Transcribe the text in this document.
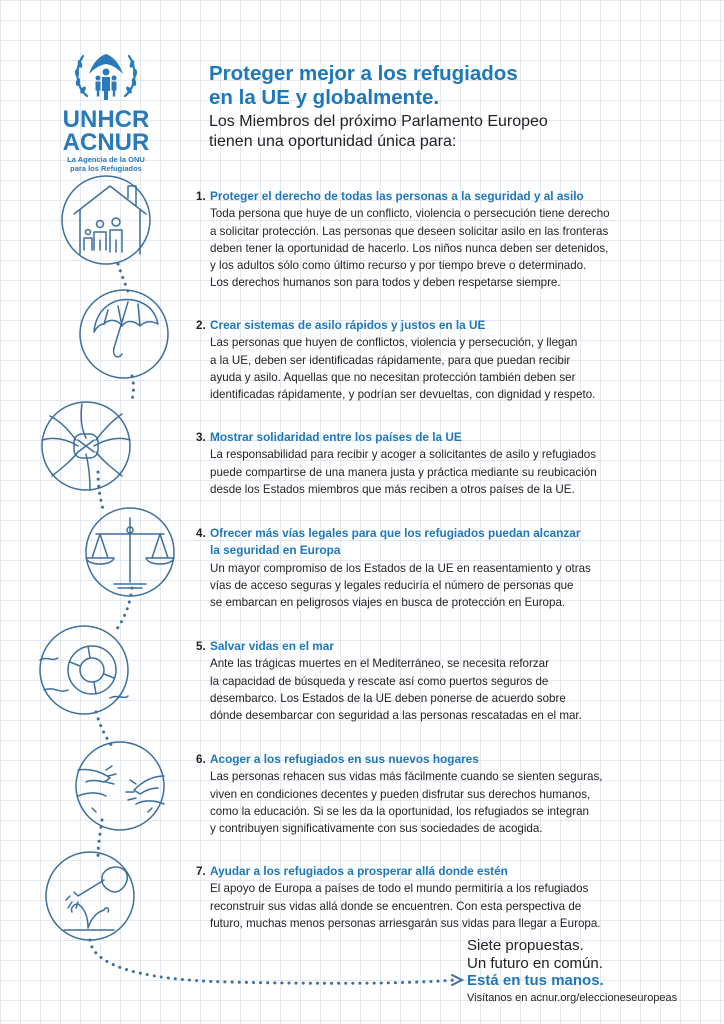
UNHCR
ACNUR
La Agencia de la ONU
para los Refugiados
Proteger mejor a los refugiados
en la UE y globalmente.

Los Miembros del próximo Parlamento Europeo
tienen una oportunidad única para:

1. Proteger el derecho de todas las personas a la seguridad y al asilo
Toda persona que huye de un conflicto, violencia o persecución tiene derecho
a solicitar protección. Las personas que deseen solicitar asilo en las fronteras
deben tener la oportunidad de hacerlo. Los niños nunca deben ser detenidos,
y los adultos sólo como último recurso y por tiempo breve o determinado.
Los derechos humanos son para todos y deben respetarse siempre.
2. Crear sistemas de asilo rápidos y justos en la UE
Las personas que huyen de conflictos, violencia y persecución, y llegan
a la UE, deben ser identificadas rápidamente, para que puedan recibir
ayuda y asilo. Aquellas que no necesitan protección también deben ser
identificadas rápidamente, y podrían ser devueltas, con dignidad y respeto.
3. Mostrar solidaridad entre los países de la UE
La responsabilidad para recibir y acoger a solicitantes de asilo y refugiados
puede compartirse de una manera justa y práctica mediante su reubicación
desde los Estados miembros que más reciben a otros países de la UE.
4. Ofrecer más vías legales para que los refugiados puedan alcanzar
la seguridad en Europa
Un mayor compromiso de los Estados de la UE en reasentamiento y otras
vías de acceso seguras y legales reduciría el número de personas que
se embarcan en peligrosos viajes en busca de protección en Europa.
5. Salvar vidas en el mar
Ante las trágicas muertes en el Mediterráneo, se necesita reforzar
la capacidad de búsqueda y rescate así como puertos seguros de
desembarco. Los Estados de la UE deben ponerse de acuerdo sobre
dónde desembarcar con seguridad a las personas rescatadas en el mar.
6. Acoger a los refugiados en sus nuevos hogares
Las personas rehacen sus vidas más fácilmente cuando se sienten seguras,
viven en condiciones decentes y pueden disfrutar sus derechos humanos,
como la educación. Si se les da la oportunidad, los refugiados se integran
y contribuyen significativamente con sus sociedades de acogida.
7. Ayudar a los refugiados a prosperar allá donde estén
El apoyo de Europa a países de todo el mundo permitiría a los refugiados
reconstruir sus vidas allá donde se encuentren. Con esta perspectiva de
futuro, muchas menos personas arriesgarán sus vidas para llegar a Europa.
Siete propuestas.
Un futuro en común.
Está en tus manos.
Visítanos en acnur.org/eleccioneseuropeas
